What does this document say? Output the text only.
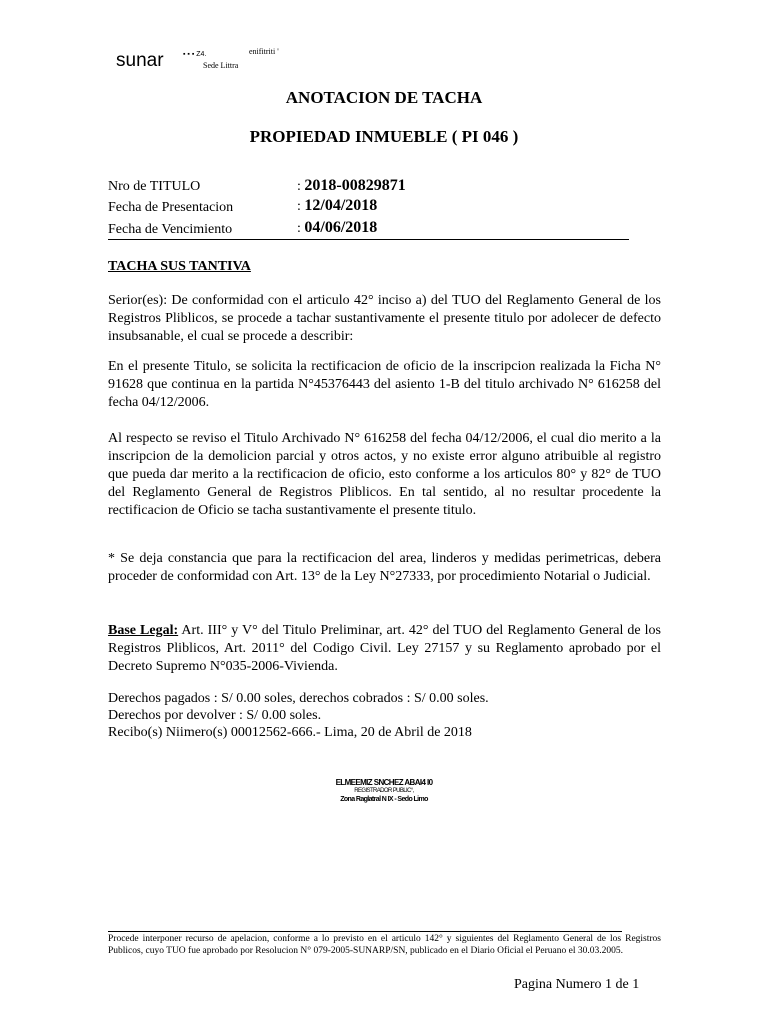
sunar	▪ ▪ ▪ Z4.	enifitriti '
Sede Littra
ANOTACION DE TACHA
PROPIEDAD INMUEBLE ( PI 046 )
Nro de TITULO	: 2018-00829871
Fecha de Presentacion	: 12/04/2018
Fecha de Vencimiento	: 04/06/2018
TACHA SUS TANTIVA
Serior(es): De conformidad con el articulo 42° inciso a) del TUO del Reglamento General de los Registros Pliblicos, se procede a tachar sustantivamente el presente titulo por adolecer de defecto insubsanable, el cual se procede a describir:
En el presente Titulo, se solicita la rectificacion de oficio de la inscripcion realizada la Ficha N° 91628 que continua en la partida N°45376443 del asiento 1-B del titulo archivado N° 616258 del fecha 04/12/2006.
Al respecto se reviso el Titulo Archivado N° 616258 del fecha 04/12/2006, el cual dio merito a la inscripcion de la demolicion parcial y otros actos, y no existe error alguno atribuible al registro que pueda dar merito a la rectificacion de oficio, esto conforme a los articulos 80° y 82° de TUO del Reglamento General de Registros Pliblicos. En tal sentido, al no resultar procedente la rectificacion de Oficio se tacha sustantivamente el presente titulo.
* Se deja constancia que para la rectificacion del area, linderos y medidas perimetricas, debera proceder de conformidad con Art. 13° de la Ley N°27333, por procedimiento Notarial o Judicial.
Base Legal: Art. III° y V° del Titulo Preliminar, art. 42° del TUO del Reglamento General de los Registros Pliblicos, Art. 2011° del Codigo Civil. Ley 27157 y su Reglamento aprobado por el Decreto Supremo N°035-2006-Vivienda.
Derechos pagados : S/ 0.00 soles, derechos cobrados : S/ 0.00 soles.
Derechos por devolver : S/ 0.00 soles.
Recibo(s) Niimero(s) 00012562-666.- Lima, 20 de Abril de 2018
ELMEEMIZ SNCHEZ ABAI4 I0
REGISTRADOR PUBLIC°,
Zona Raglatral N IX - Sedo Limo
Procede interponer recurso de apelacion, conforme a lo previsto en el articulo 142° y siguientes del Reglamento General de los Registros Publicos, cuyo TUO fue aprobado por Resolucion N° 079-2005-SUNARP/SN, publicado en el Diario Oficial el Peruano el 30.03.2005.
Pagina Numero 1 de 1
